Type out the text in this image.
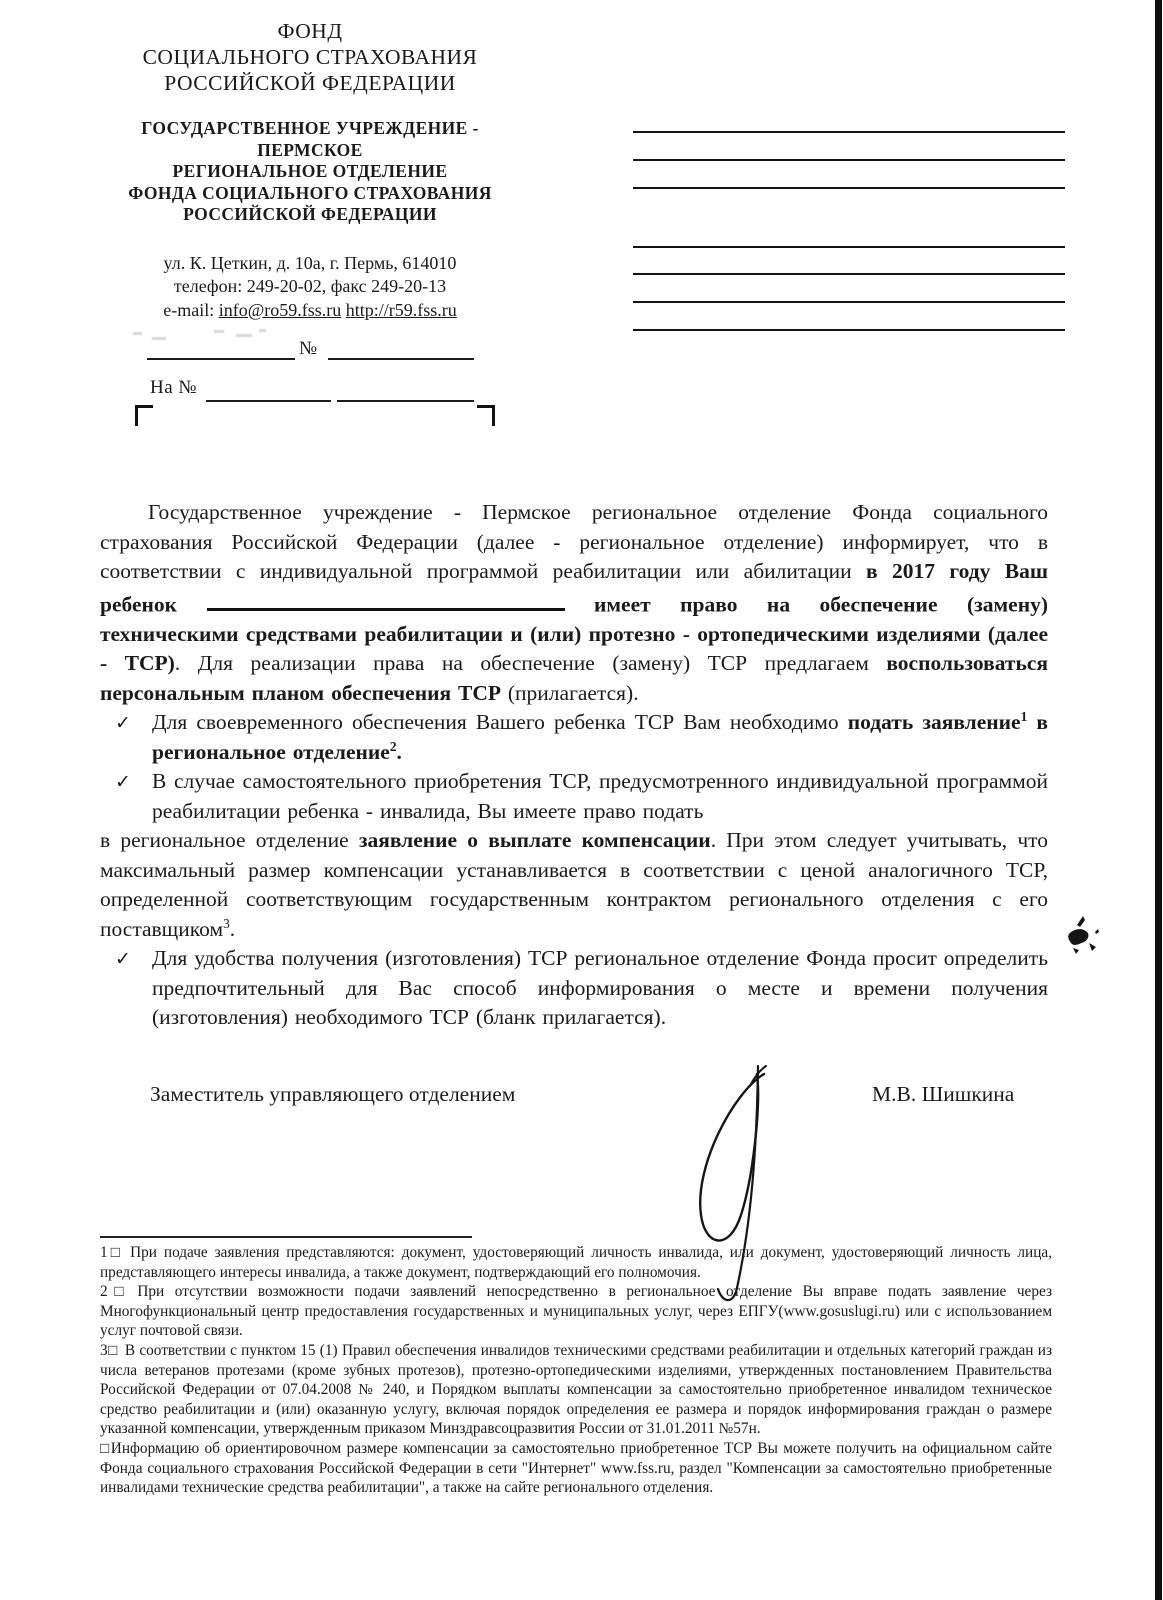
ФОНД
СОЦИАЛЬНОГО СТРАХОВАНИЯ
РОССИЙСКОЙ ФЕДЕРАЦИИ
ГОСУДАРСТВЕННОЕ УЧРЕЖДЕНИЕ -
ПЕРМСКОЕ
РЕГИОНАЛЬНОЕ ОТДЕЛЕНИЕ
ФОНДА СОЦИАЛЬНОГО СТРАХОВАНИЯ
РОССИЙСКОЙ ФЕДЕРАЦИИ
ул. К. Цеткин, д. 10а, г. Пермь, 614010
телефон: 249-20-02, факс 249-20-13
e-mail: info@ro59.fss.ru http://r59.fss.ru
№
На №

Государственное учреждение - Пермское региональное отделение Фонда социального страхования Российской Федерации (далее - региональное отделение) информирует, что в соответствии с индивидуальной программой реабилитации или абилитации в 2017 году Ваш ребенок	имеет право на обеспечение (замену) техническими средствами реабилитации и (или) протезно - ортопедическими изделиями (далее - ТСР). Для реализации права на обеспечение (замену) ТСР предлагаем воспользоваться персональным планом обеспечения ТСР (прилагается).

✓ Для своевременного обеспечения Вашего ребенка ТСР Вам необходимо подать заявление$^1$ в региональное отделение$^2$.

✓ В случае самостоятельного приобретения ТСР, предусмотренного индивидуальной программой реабилитации ребенка - инвалида, Вы имеете право подать

в региональное отделение заявление о выплате компенсации. При этом следует учитывать, что максимальный размер компенсации устанавливается в соответствии с ценой аналогичного ТСР, определенной соответствующим государственным контрактом регионального отделения с его поставщиком$^3$.

✓ Для удобства получения (изготовления) ТСР региональное отделение Фонда просит определить предпочтительный для Вас способ информирования о месте и времени получения (изготовления) необходимого ТСР (бланк прилагается).

Заместитель управляющего отделением	М.В. Шишкина

1□ При подаче заявления представляются: документ, удостоверяющий личность инвалида, или документ, удостоверяющий личность лица, представляющего интересы инвалида, а также документ, подтверждающий его полномочия.

2□ При отсутствии возможности подачи заявлений непосредственно в региональное отделение Вы вправе подать заявление через Многофункциональный центр предоставления государственных и муниципальных услуг, через ЕПГУ(www.gosuslugi.ru) или с использованием услуг почтовой связи.

3□ В соответствии с пунктом 15 (1) Правил обеспечения инвалидов техническими средствами реабилитации и отдельных категорий граждан из числа ветеранов протезами (кроме зубных протезов), протезно-ортопедическими изделиями, утвержденных постановлением Правительства Российской Федерации от 07.04.2008 № 240, и Порядком выплаты компенсации за самостоятельно приобретенное инвалидом техническое средство реабилитации и (или) оказанную услугу, включая порядок определения ее размера и порядок информирования граждан о размере указанной компенсации, утвержденным приказом Минздравсоцразвития России от 31.01.2011 №57н.

□Информацию об ориентировочном размере компенсации за самостоятельно приобретенное ТСР Вы можете получить на официальном сайте Фонда социального страхования Российской Федерации в сети "Интернет" www.fss.ru, раздел "Компенсации за самостоятельно приобретенные инвалидами технические средства реабилитации", а также на сайте регионального отделения.
